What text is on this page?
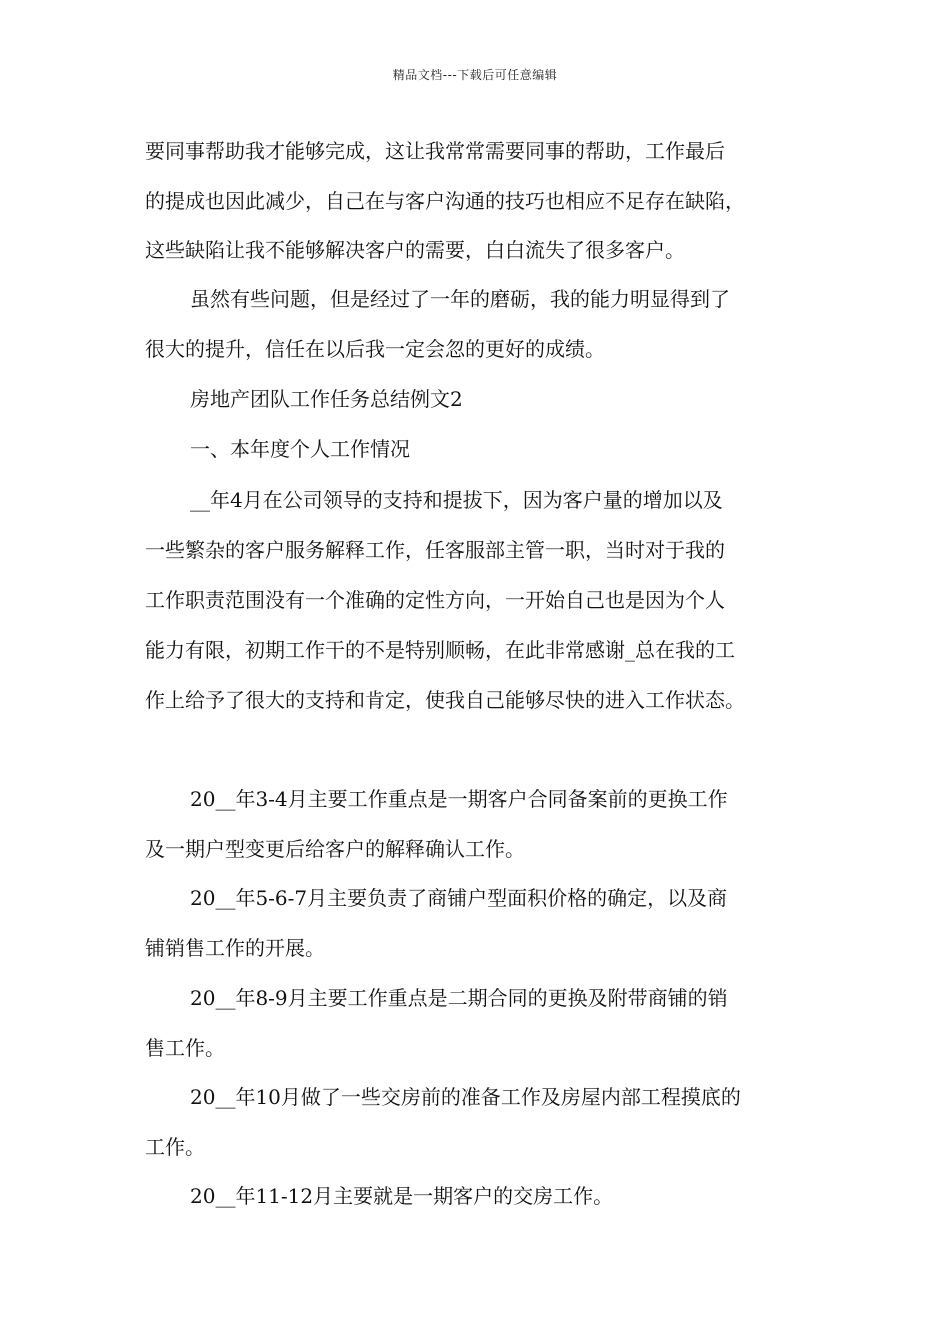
精品文档---下载后可任意编辑
要同事帮助我才能够完成，这让我常常需要同事的帮助，工作最后
的提成也因此减少，自己在与客户沟通的技巧也相应不足存在缺陷，
这些缺陷让我不能够解决客户的需要，白白流失了很多客户。
虽然有些问题，但是经过了一年的磨砺，我的能力明显得到了
很大的提升，信任在以后我一定会忽的更好的成绩。
房地产团队工作任务总结例文2
一、本年度个人工作情况
__年4月在公司领导的支持和提拔下，因为客户量的增加以及
一些繁杂的客户服务解释工作，任客服部主管一职，当时对于我的
工作职责范围没有一个准确的定性方向，一开始自己也是因为个人
能力有限，初期工作干的不是特别顺畅，在此非常感谢_总在我的工
作上给予了很大的支持和肯定，使我自己能够尽快的进入工作状态。
20__年3-4月主要工作重点是一期客户合同备案前的更换工作
及一期户型变更后给客户的解释确认工作。
20__年5-6-7月主要负责了商铺户型面积价格的确定，以及商
铺销售工作的开展。
20__年8-9月主要工作重点是二期合同的更换及附带商铺的销
售工作。
20__年10月做了一些交房前的准备工作及房屋内部工程摸底的
工作。
20__年11-12月主要就是一期客户的交房工作。
